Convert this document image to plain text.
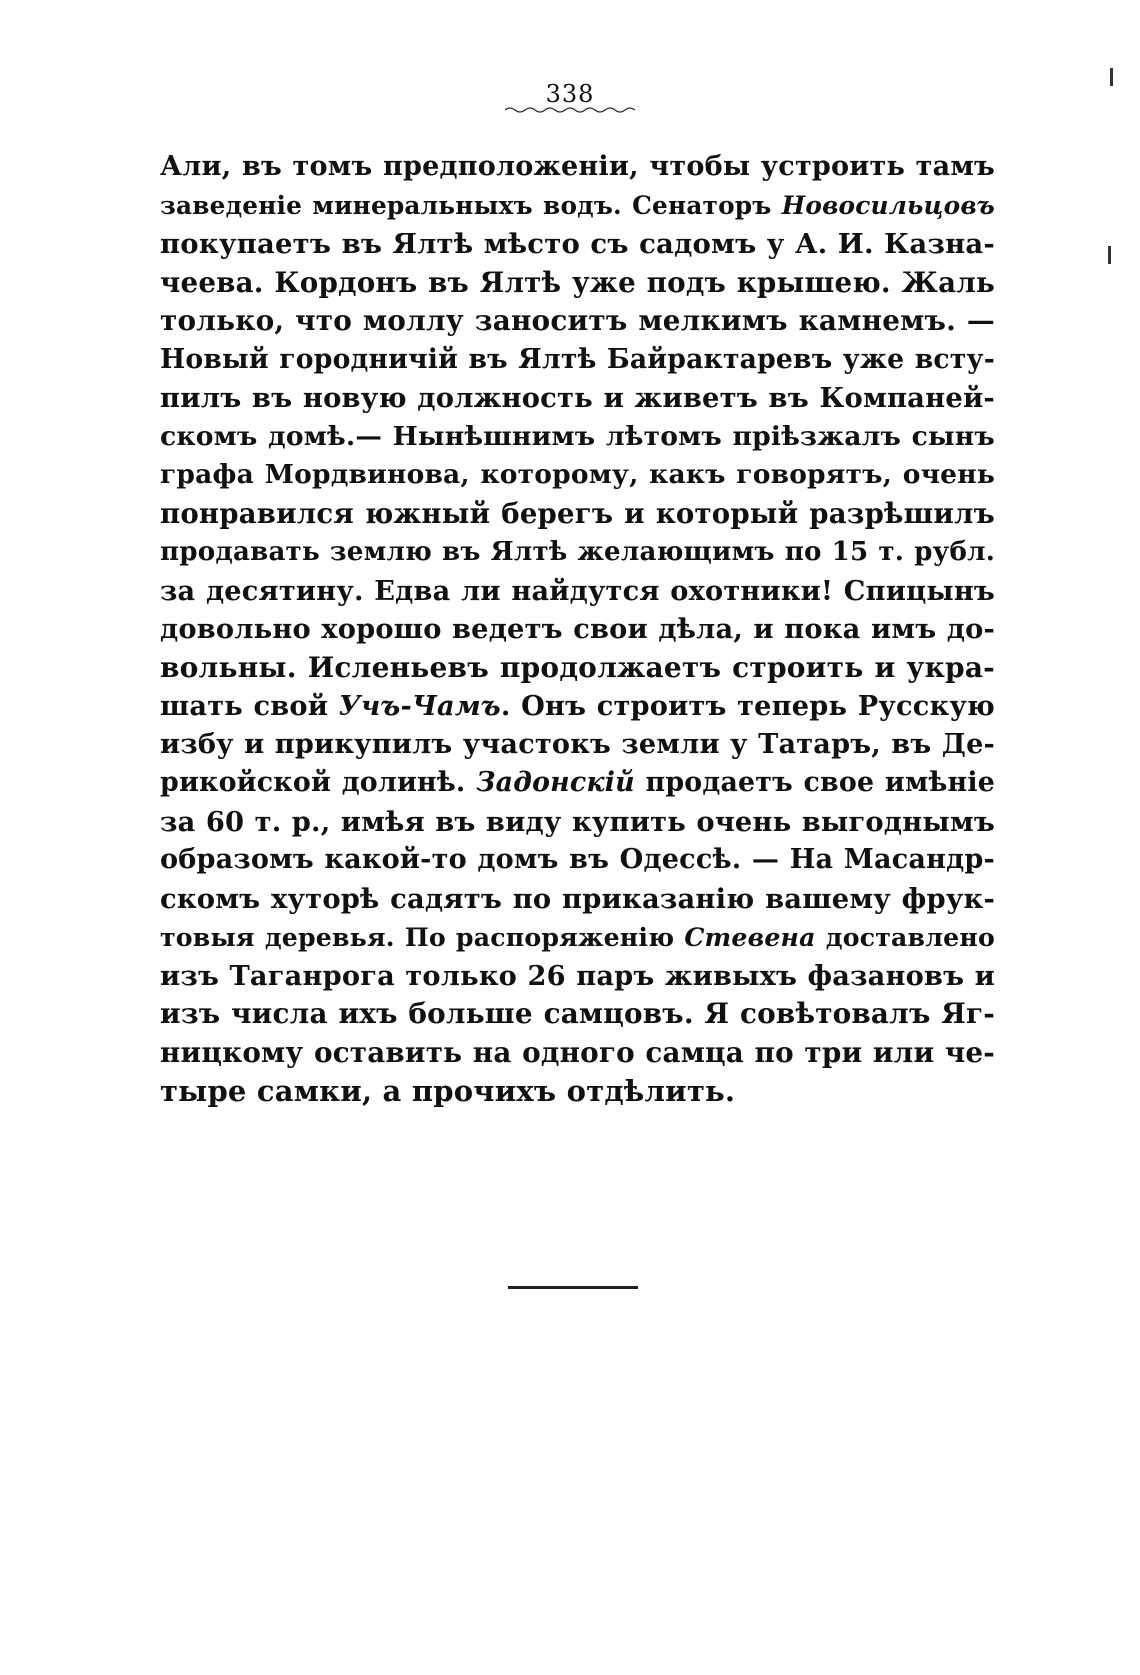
338
Али, въ томъ предположеніи, чтобы устроить тамъ
заведеніе минеральныхъ водъ. Сенаторъ Новосильцовъ
покупаетъ въ Ялтѣ мѣсто съ садомъ у А. И. Казна-
чеева. Кордонъ въ Ялтѣ уже подъ крышею. Жаль
только, что моллу заноситъ мелкимъ камнемъ. —
Новый городничій въ Ялтѣ Байрактаревъ уже всту-
пилъ въ новую должность и живетъ въ Компаней-
скомъ домѣ.— Нынѣшнимъ лѣтомъ пріѣзжалъ сынъ
графа Мордвинова, которому, какъ говорятъ, очень
понравился южный берегъ и который разрѣшилъ
продавать землю въ Ялтѣ желающимъ по 15 т. рубл.
за десятину. Едва ли найдутся охотники! Спицынъ
довольно хорошо ведетъ свои дѣла, и пока имъ до-
вольны. Исленьевъ продолжаетъ строить и укра-
шать свой Учъ-Чамъ. Онъ строитъ теперь Русскую
избу и прикупилъ участокъ земли у Татаръ, въ Де-
рикойской долинѣ. Задонскій продаетъ свое имѣніе
за 60 т. р., имѣя въ виду купить очень выгоднымъ
образомъ какой-то домъ въ Одессѣ. — На Масандр-
скомъ хуторѣ садятъ по приказанію вашему фрук-
товыя деревья. По распоряженію Стевена доставлено
изъ Таганрога только 26 паръ живыхъ фазановъ и
изъ числа ихъ больше самцовъ. Я совѣтовалъ Яг-
ницкому оставить на одного самца по три или че-
тыре самки, а прочихъ отдѣлить.
